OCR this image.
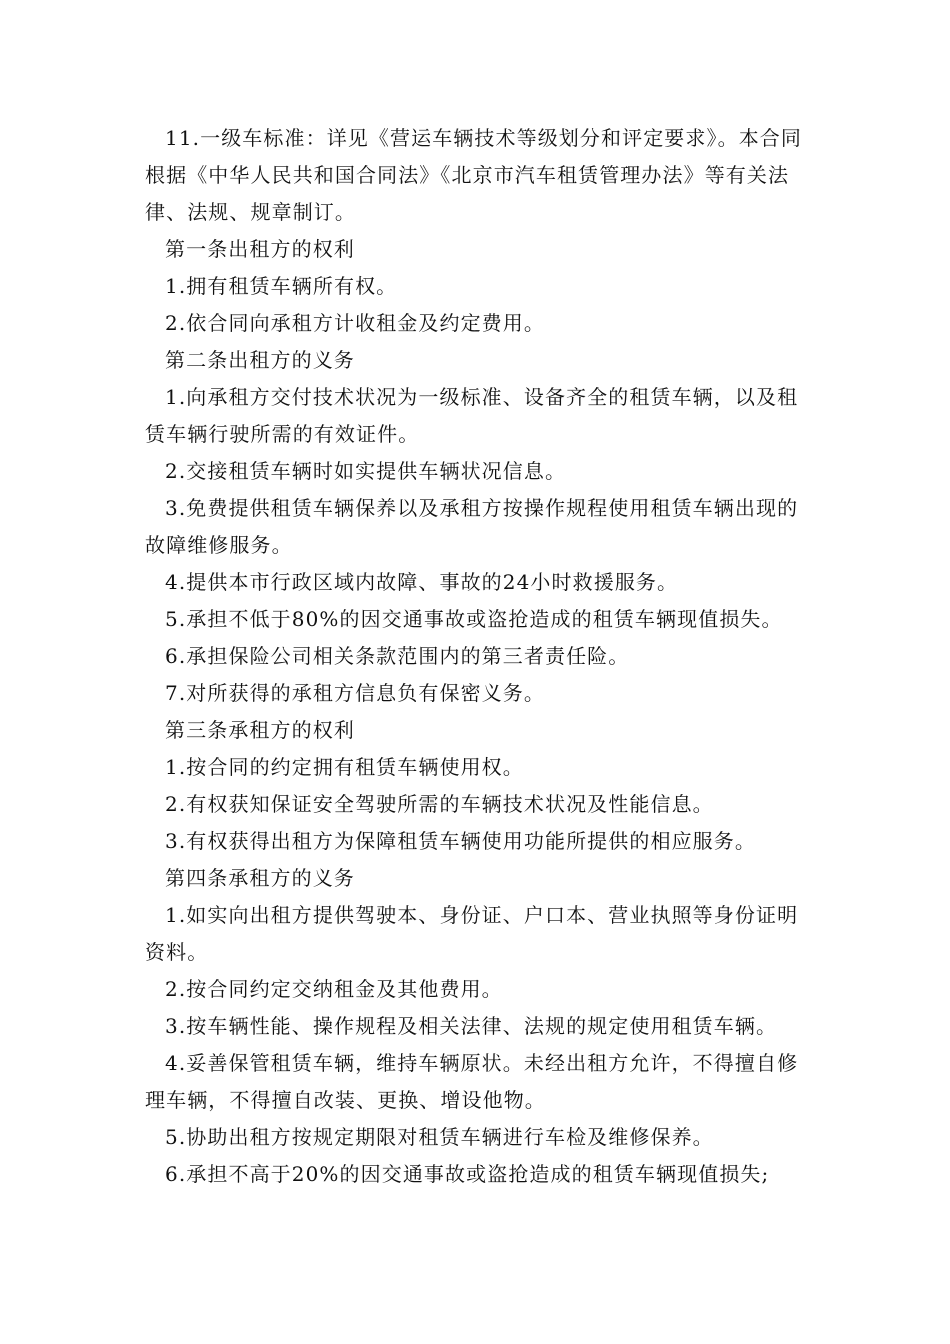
11.一级车标准：详见《营运车辆技术等级划分和评定要求》。本合同根据《中华人民共和国合同法》《北京市汽车租赁管理办法》等有关法律、法规、规章制订。

第一条出租方的权利

1.拥有租赁车辆所有权。

2.依合同向承租方计收租金及约定费用。

第二条出租方的义务

1.向承租方交付技术状况为一级标准、设备齐全的租赁车辆，以及租赁车辆行驶所需的有效证件。

2.交接租赁车辆时如实提供车辆状况信息。

3.免费提供租赁车辆保养以及承租方按操作规程使用租赁车辆出现的故障维修服务。

4.提供本市行政区域内故障、事故的24小时救援服务。

5.承担不低于80%的因交通事故或盗抢造成的租赁车辆现值损失。

6.承担保险公司相关条款范围内的第三者责任险。

7.对所获得的承租方信息负有保密义务。

第三条承租方的权利

1.按合同的约定拥有租赁车辆使用权。

2.有权获知保证安全驾驶所需的车辆技术状况及性能信息。

3.有权获得出租方为保障租赁车辆使用功能所提供的相应服务。

第四条承租方的义务

1.如实向出租方提供驾驶本、身份证、户口本、营业执照等身份证明资料。

2.按合同约定交纳租金及其他费用。

3.按车辆性能、操作规程及相关法律、法规的规定使用租赁车辆。

4.妥善保管租赁车辆，维持车辆原状。未经出租方允许，不得擅自修理车辆，不得擅自改装、更换、增设他物。

5.协助出租方按规定期限对租赁车辆进行车检及维修保养。

6.承担不高于20%的因交通事故或盗抢造成的租赁车辆现值损失;
